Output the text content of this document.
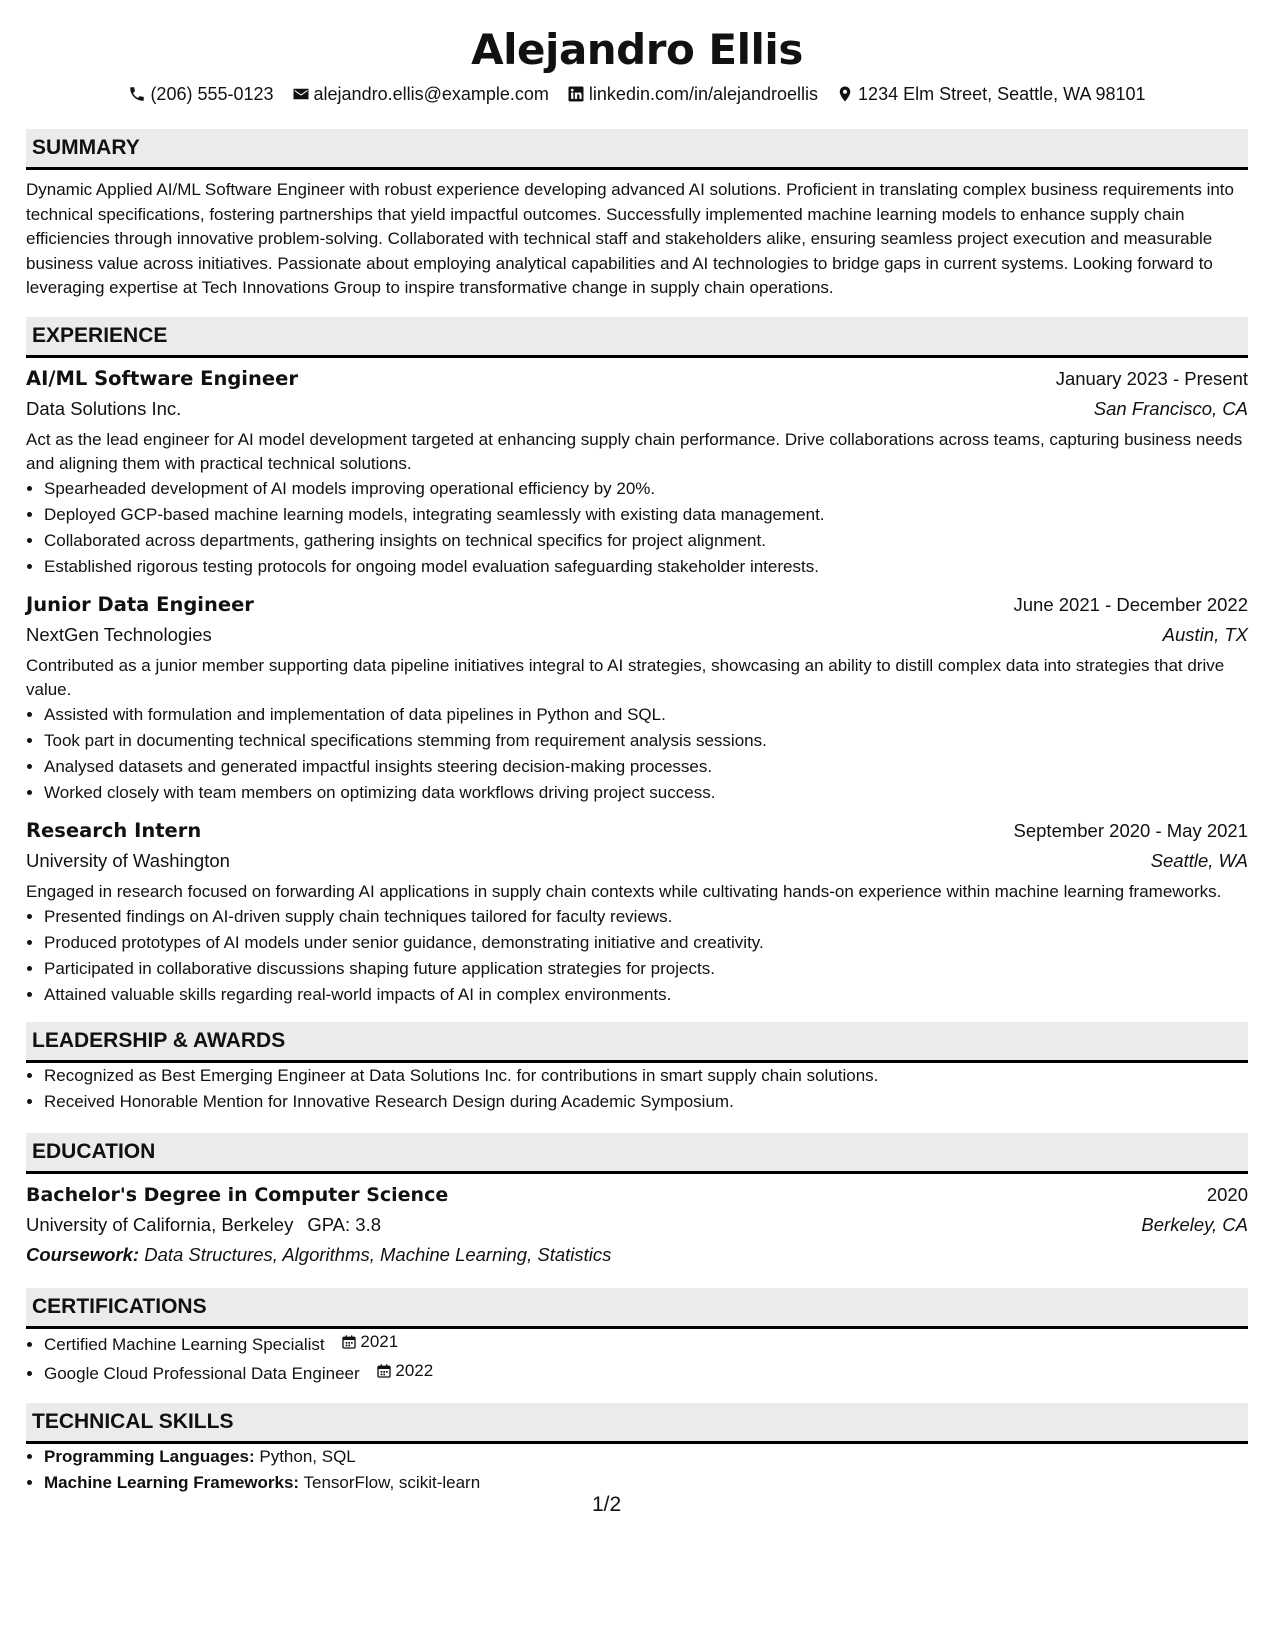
Alejandro Ellis
(206) 555-0123 alejandro.ellis@example.com linkedin.com/in/alejandroellis 1234 Elm Street, Seattle, WA 98101
SUMMARY
Dynamic Applied AI/ML Software Engineer with robust experience developing advanced AI solutions. Proficient in translating complex business requirements into technical specifications, fostering partnerships that yield impactful outcomes. Successfully implemented machine learning models to enhance supply chain efficiencies through innovative problem-solving. Collaborated with technical staff and stakeholders alike, ensuring seamless project execution and measurable business value across initiatives. Passionate about employing analytical capabilities and AI technologies to bridge gaps in current systems. Looking forward to leveraging expertise at Tech Innovations Group to inspire transformative change in supply chain operations.
EXPERIENCE
AI/ML Software Engineer	January 2023 - Present
Data Solutions Inc.	San Francisco, CA
Act as the lead engineer for AI model development targeted at enhancing supply chain performance. Drive collaborations across teams, capturing business needs and aligning them with practical technical solutions.
• Spearheaded development of AI models improving operational efficiency by 20%.
• Deployed GCP-based machine learning models, integrating seamlessly with existing data management.
• Collaborated across departments, gathering insights on technical specifics for project alignment.
• Established rigorous testing protocols for ongoing model evaluation safeguarding stakeholder interests.
Junior Data Engineer	June 2021 - December 2022
NextGen Technologies	Austin, TX
Contributed as a junior member supporting data pipeline initiatives integral to AI strategies, showcasing an ability to distill complex data into strategies that drive value.
• Assisted with formulation and implementation of data pipelines in Python and SQL.
• Took part in documenting technical specifications stemming from requirement analysis sessions.
• Analysed datasets and generated impactful insights steering decision-making processes.
• Worked closely with team members on optimizing data workflows driving project success.
Research Intern	September 2020 - May 2021
University of Washington	Seattle, WA
Engaged in research focused on forwarding AI applications in supply chain contexts while cultivating hands-on experience within machine learning frameworks.
• Presented findings on AI-driven supply chain techniques tailored for faculty reviews.
• Produced prototypes of AI models under senior guidance, demonstrating initiative and creativity.
• Participated in collaborative discussions shaping future application strategies for projects.
• Attained valuable skills regarding real-world impacts of AI in complex environments.
LEADERSHIP & AWARDS
• Recognized as Best Emerging Engineer at Data Solutions Inc. for contributions in smart supply chain solutions.
• Received Honorable Mention for Innovative Research Design during Academic Symposium.
EDUCATION
Bachelor's Degree in Computer Science	2020
University of California, Berkeley GPA: 3.8	Berkeley, CA
Coursework: Data Structures, Algorithms, Machine Learning, Statistics
CERTIFICATIONS
• Certified Machine Learning Specialist 2021
• Google Cloud Professional Data Engineer 2022
TECHNICAL SKILLS
• Programming Languages: Python, SQL
• Machine Learning Frameworks: TensorFlow, scikit-learn
1/2
